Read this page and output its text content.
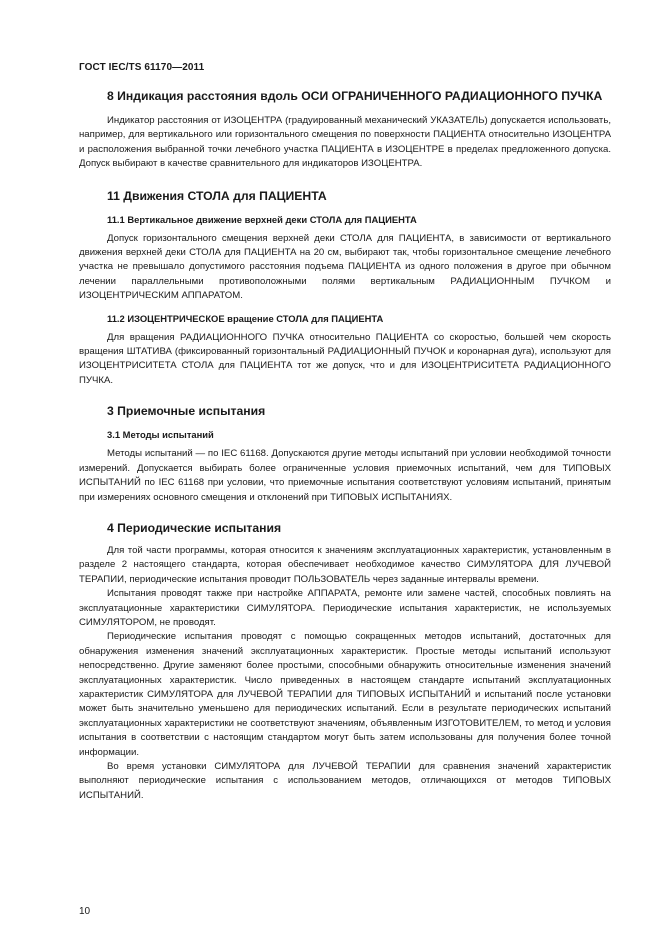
ГОСТ IEC/TS 61170—2011
8 Индикация расстояния вдоль ОСИ ОГРАНИЧЕННОГО РАДИАЦИОННОГО ПУЧКА

Индикатор расстояния от ИЗОЦЕНТРА (градуированный механический УКАЗАТЕЛЬ) допускается использовать, например, для вертикального или горизонтального смещения по поверхности ПАЦИЕНТА относительно ИЗОЦЕНТРА и расположения выбранной точки лечебного участка ПАЦИЕНТА в ИЗОЦЕНТРЕ в пределах предложенного допуска. Допуск выбирают в качестве сравнительного для индикаторов ИЗОЦЕНТРА.

11 Движения СТОЛА для ПАЦИЕНТА
11.1 Вертикальное движение верхней деки СТОЛА для ПАЦИЕНТА

Допуск горизонтального смещения верхней деки СТОЛА для ПАЦИЕНТА, в зависимости от вертикального движения верхней деки СТОЛА для ПАЦИЕНТА на 20 см, выбирают так, чтобы горизонтальное смещение лечебного участка не превышало допустимого расстояния подъема ПАЦИЕНТА из одного положения в другое при обычном лечении параллельными противоположными полями вертикальным РАДИАЦИОННЫМ ПУЧКОМ и ИЗОЦЕНТРИЧЕСКИМ АППАРАТОМ.

11.2 ИЗОЦЕНТРИЧЕСКОЕ вращение СТОЛА для ПАЦИЕНТА

Для вращения РАДИАЦИОННОГО ПУЧКА относительно ПАЦИЕНТА со скоростью, большей чем скорость вращения ШТАТИВА (фиксированный горизонтальный РАДИАЦИОННЫЙ ПУЧОК и коронарная дуга), используют для ИЗОЦЕНТРИСИТЕТА СТОЛА для ПАЦИЕНТА тот же допуск, что и для ИЗОЦЕНТРИСИТЕТА РАДИАЦИОННОГО ПУЧКА.

3 Приемочные испытания
3.1 Методы испытаний

Методы испытаний — по IEC 61168. Допускаются другие методы испытаний при условии необходимой точности измерений. Допускается выбирать более ограниченные условия приемочных испытаний, чем для ТИПОВЫХ ИСПЫТАНИЙ по IEC 61168 при условии, что приемочные испытания соответствуют условиям испытаний, принятым при измерениях основного смещения и отклонений при ТИПОВЫХ ИСПЫТАНИЯХ.

4 Периодические испытания

Для той части программы, которая относится к значениям эксплуатационных характеристик, установленным в разделе 2 настоящего стандарта, которая обеспечивает необходимое качество СИМУЛЯТОРА ДЛЯ ЛУЧЕВОЙ ТЕРАПИИ, периодические испытания проводит ПОЛЬЗОВАТЕЛЬ через заданные интервалы времени.

Испытания проводят также при настройке АППАРАТА, ремонте или замене частей, способных повлиять на эксплуатационные характеристики СИМУЛЯТОРА. Периодические испытания характеристик, не используемых СИМУЛЯТОРОМ, не проводят.

Периодические испытания проводят с помощью сокращенных методов испытаний, достаточных для обнаружения изменения значений эксплуатационных характеристик. Простые методы испытаний используют непосредственно. Другие заменяют более простыми, способными обнаружить относительные изменения значений эксплуатационных характеристик. Число приведенных в настоящем стандарте испытаний эксплуатационных характеристик СИМУЛЯТОРА для ЛУЧЕВОЙ ТЕРАПИИ для ТИПОВЫХ ИСПЫТАНИЙ и испытаний после установки может быть значительно уменьшено для периодических испытаний. Если в результате периодических испытаний эксплуатационных характеристики не соответствуют значениям, объявленным ИЗГОТОВИТЕЛЕМ, то метод и условия испытания в соответствии с настоящим стандартом могут быть затем использованы для получения более точной информации.

Во время установки СИМУЛЯТОРА для ЛУЧЕВОЙ ТЕРАПИИ для сравнения значений характеристик выполняют периодические испытания с использованием методов, отличающихся от методов ТИПОВЫХ ИСПЫТАНИЙ.

10
